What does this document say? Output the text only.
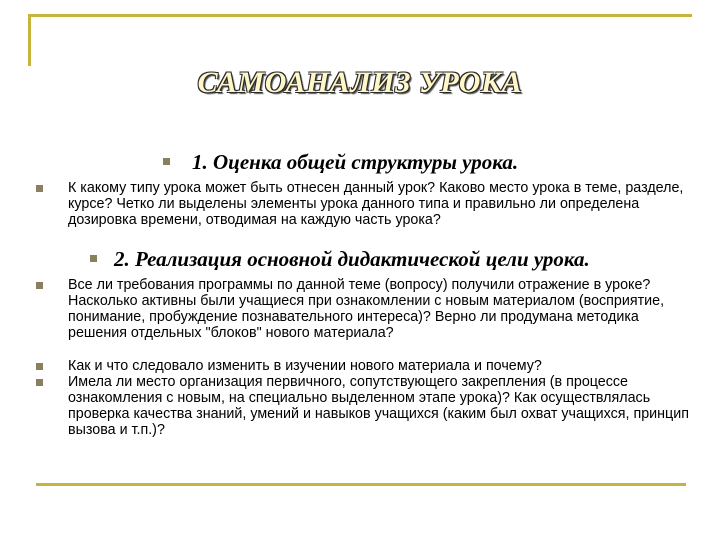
САМОАНАЛИЗ УРОКА
1. Оценка общей структуры урока.
К какому типу урока может быть отнесен данный урок? Каково место урока в теме, разделе, курсе? Четко ли выделены элементы урока данного типа и правильно ли определена дозировка времени, отводимая на каждую часть урока?
2. Реализация основной дидактической цели урока.
Все ли требования программы по данной теме (вопросу) получили отражение в уроке? Насколько активны были учащиеся при ознакомлении с новым материалом (восприятие, понимание, пробуждение познавательного интереса)? Верно ли продумана методика решения отдельных "блоков" нового материала?
Как и что следовало изменить в изучении нового материала и почему?
Имела ли место организация первичного, сопутствующего закрепления (в процессе ознакомления с новым, на специально выделенном этапе урока)? Как осуществлялась проверка качества знаний, умений и навыков учащихся (каким был охват учащихся, принцип вызова и т.п.)?
